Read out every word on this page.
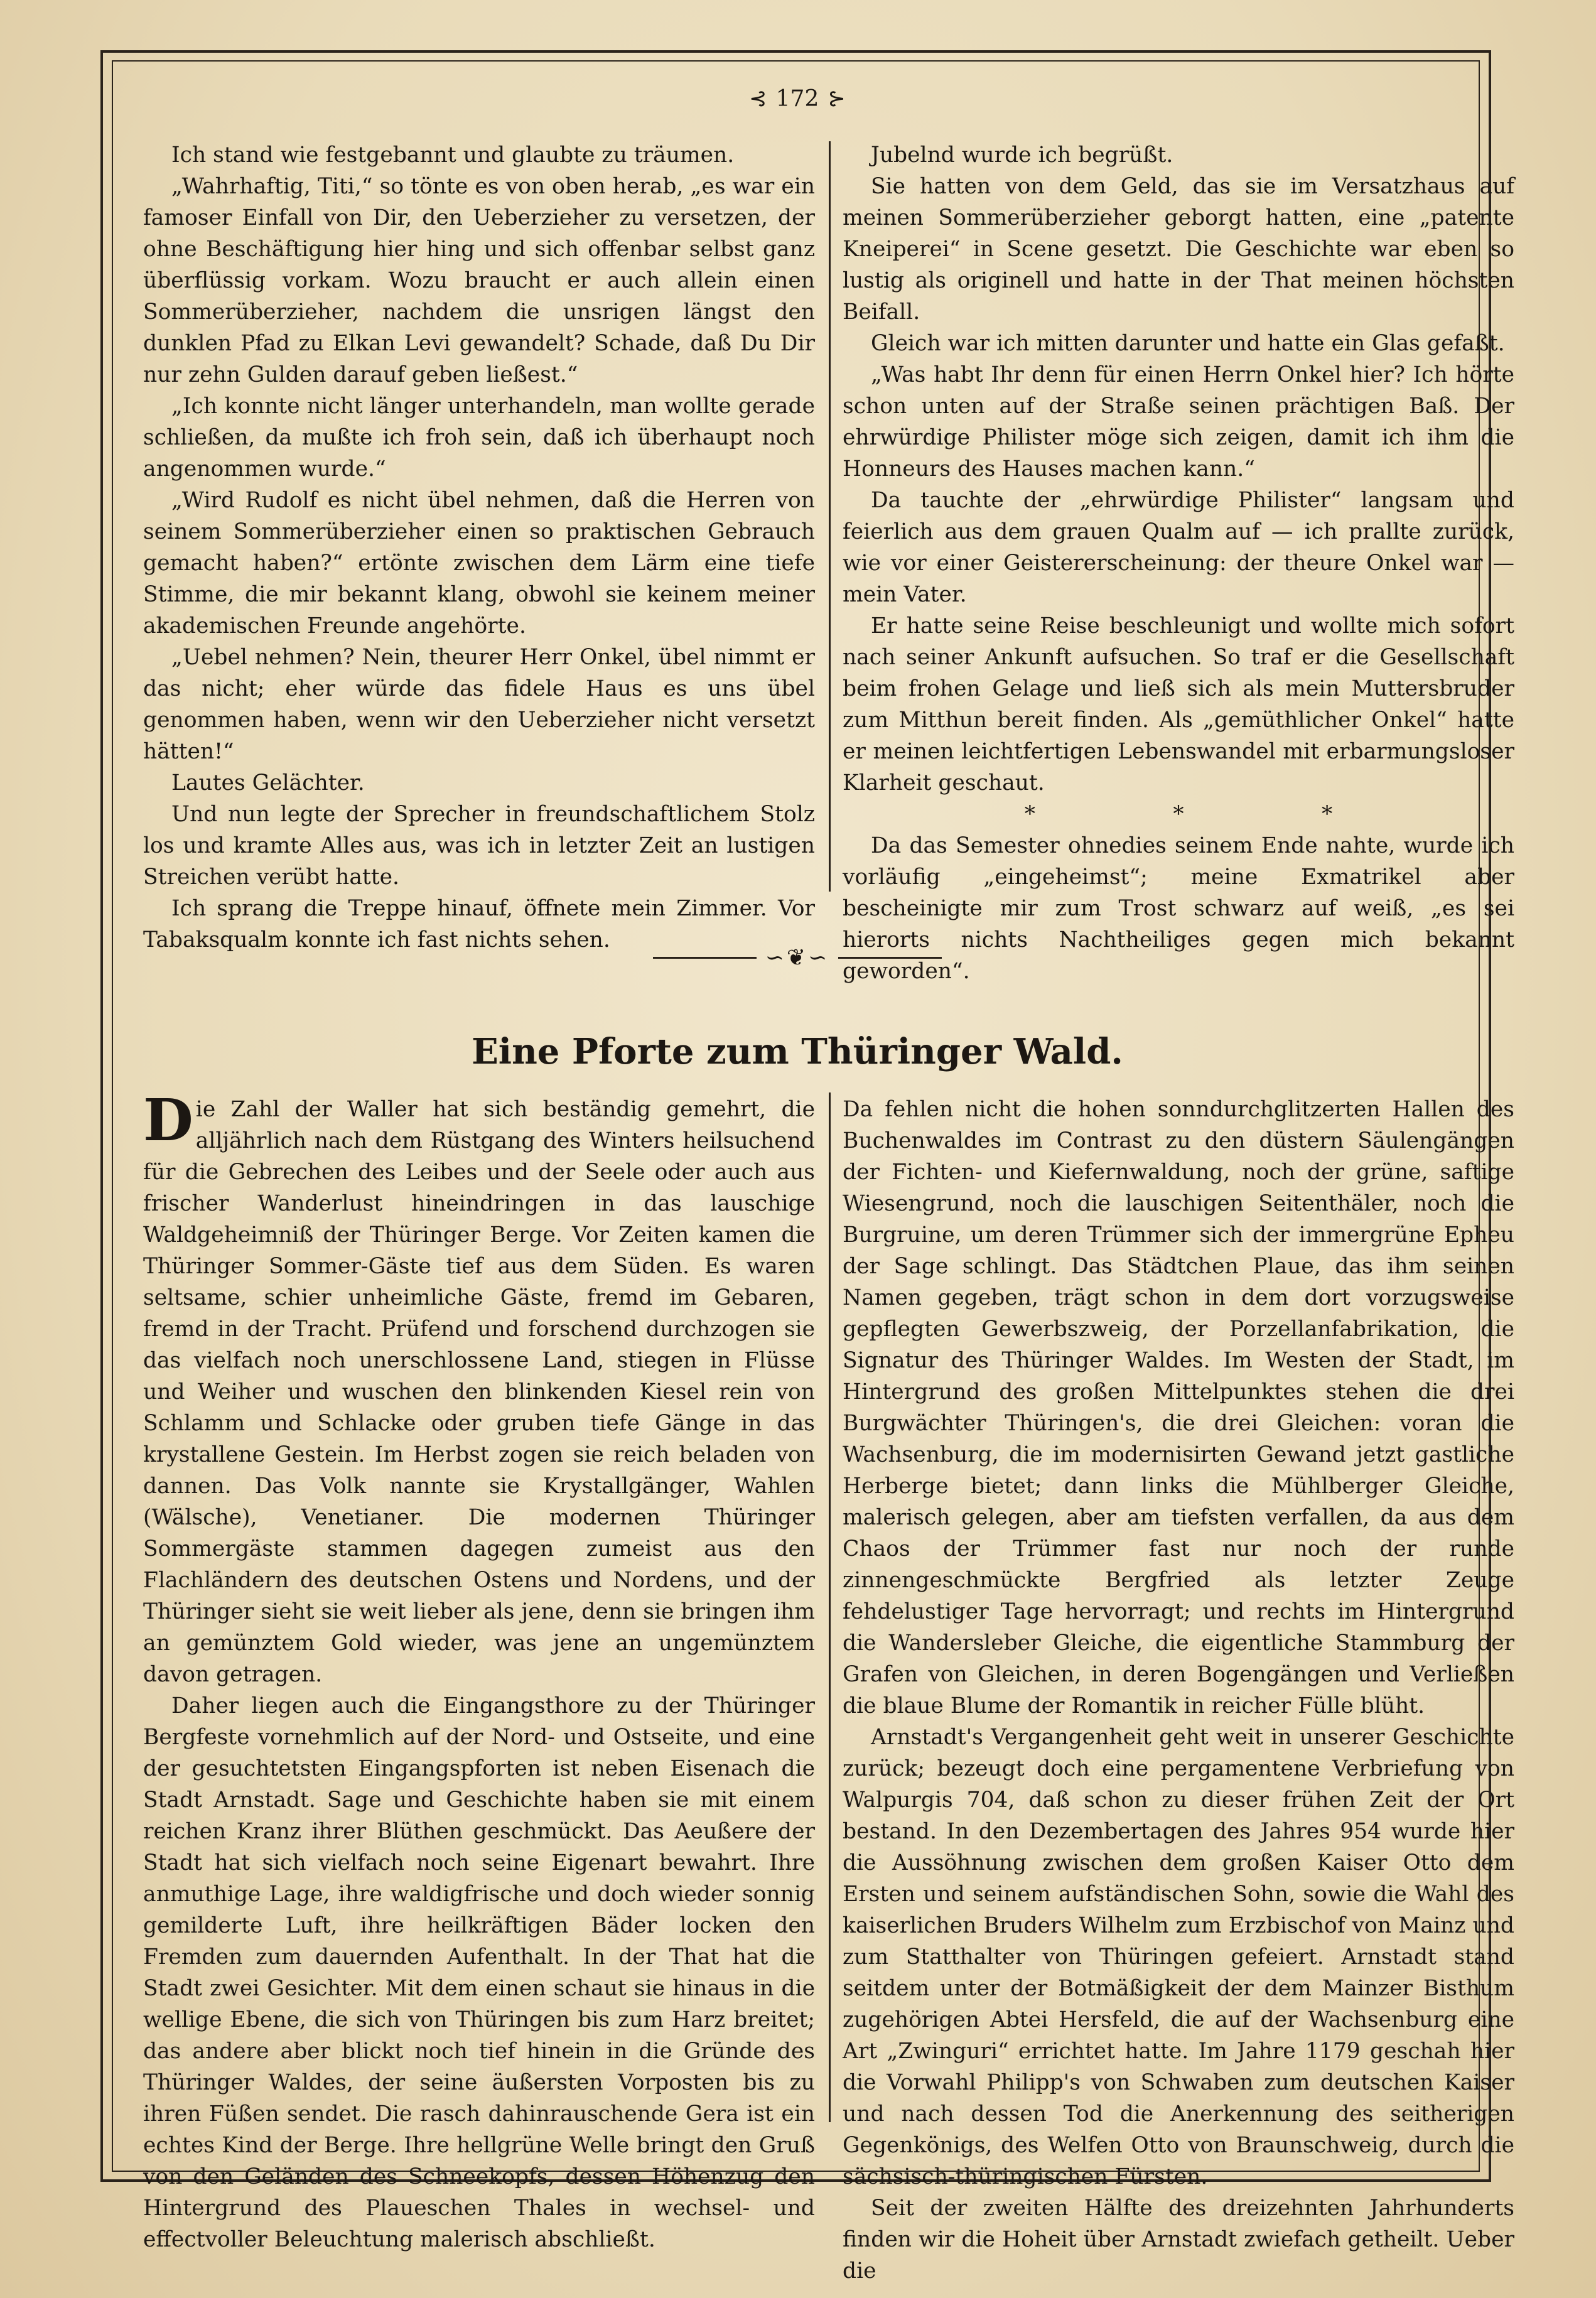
⊰ 172 ⊱

Ich stand wie festgebannt und glaubte zu träumen.

„Wahrhaftig, Titi,“ so tönte es von oben herab, „es war ein famoser Einfall von Dir, den Ueberzieher zu versetzen, der ohne Beschäftigung hier hing und sich offenbar selbst ganz überflüssig vorkam. Wozu braucht er auch allein einen Sommerüberzieher, nachdem die unsrigen längst den dunklen Pfad zu Elkan Levi gewandelt? Schade, daß Du Dir nur zehn Gulden darauf geben ließest.“

„Ich konnte nicht länger unterhandeln, man wollte gerade schließen, da mußte ich froh sein, daß ich überhaupt noch angenommen wurde.“

„Wird Rudolf es nicht übel nehmen, daß die Herren von seinem Sommerüberzieher einen so praktischen Gebrauch gemacht haben?“ ertönte zwischen dem Lärm eine tiefe Stimme, die mir bekannt klang, obwohl sie keinem meiner akademischen Freunde angehörte.

„Uebel nehmen? Nein, theurer Herr Onkel, übel nimmt er das nicht; eher würde das fidele Haus es uns übel genommen haben, wenn wir den Ueberzieher nicht versetzt hätten!“

Lautes Gelächter.

Und nun legte der Sprecher in freundschaftlichem Stolz los und kramte Alles aus, was ich in letzter Zeit an lustigen Streichen verübt hatte.

Ich sprang die Treppe hinauf, öffnete mein Zimmer. Vor Tabaksqualm konnte ich fast nichts sehen.

Jubelnd wurde ich begrüßt.

Sie hatten von dem Geld, das sie im Versatzhaus auf meinen Sommerüberzieher geborgt hatten, eine „patente Kneiperei“ in Scene gesetzt. Die Geschichte war eben so lustig als originell und hatte in der That meinen höchsten Beifall.

Gleich war ich mitten darunter und hatte ein Glas gefaßt.

„Was habt Ihr denn für einen Herrn Onkel hier? Ich hörte schon unten auf der Straße seinen prächtigen Baß. Der ehrwürdige Philister möge sich zeigen, damit ich ihm die Honneurs des Hauses machen kann.“

Da tauchte der „ehrwürdige Philister“ langsam und feierlich aus dem grauen Qualm auf — ich prallte zurück, wie vor einer Geistererscheinung: der theure Onkel war — mein Vater.

Er hatte seine Reise beschleunigt und wollte mich sofort nach seiner Ankunft aufsuchen. So traf er die Gesellschaft beim frohen Gelage und ließ sich als mein Muttersbruder zum Mitthun bereit finden. Als „gemüthlicher Onkel“ hatte er meinen leichtfertigen Lebenswandel mit erbarmungsloser Klarheit geschaut.

*	*	*

Da das Semester ohnedies seinem Ende nahte, wurde ich vorläufig „eingeheimst“; meine Exmatrikel aber bescheinigte mir zum Trost schwarz auf weiß, „es sei hierorts nichts Nachtheiliges gegen mich bekannt geworden“.

∽❦∽
Eine Pforte zum Thüringer Wald.

Die Zahl der Waller hat sich beständig gemehrt, die alljährlich nach dem Rüstgang des Winters heilsuchend für die Gebrechen des Leibes und der Seele oder auch aus frischer Wanderlust hineindringen in das lauschige Waldgeheimniß der Thüringer Berge. Vor Zeiten kamen die Thüringer Sommer-Gäste tief aus dem Süden. Es waren seltsame, schier unheimliche Gäste, fremd im Gebaren, fremd in der Tracht. Prüfend und forschend durchzogen sie das vielfach noch unerschlossene Land, stiegen in Flüsse und Weiher und wuschen den blinkenden Kiesel rein von Schlamm und Schlacke oder gruben tiefe Gänge in das krystallene Gestein. Im Herbst zogen sie reich beladen von dannen. Das Volk nannte sie Krystallgänger, Wahlen (Wälsche), Venetianer. Die modernen Thüringer Sommergäste stammen dagegen zumeist aus den Flachländern des deutschen Ostens und Nordens, und der Thüringer sieht sie weit lieber als jene, denn sie bringen ihm an gemünztem Gold wieder, was jene an ungemünztem davon getragen.

Daher liegen auch die Eingangsthore zu der Thüringer Bergfeste vornehmlich auf der Nord- und Ostseite, und eine der gesuchtetsten Eingangspforten ist neben Eisenach die Stadt Arnstadt. Sage und Geschichte haben sie mit einem reichen Kranz ihrer Blüthen geschmückt. Das Aeußere der Stadt hat sich vielfach noch seine Eigenart bewahrt. Ihre anmuthige Lage, ihre waldigfrische und doch wieder sonnig gemilderte Luft, ihre heilkräftigen Bäder locken den Fremden zum dauernden Aufenthalt. In der That hat die Stadt zwei Gesichter. Mit dem einen schaut sie hinaus in die wellige Ebene, die sich von Thüringen bis zum Harz breitet; das andere aber blickt noch tief hinein in die Gründe des Thüringer Waldes, der seine äußersten Vorposten bis zu ihren Füßen sendet. Die rasch dahinrauschende Gera ist ein echtes Kind der Berge. Ihre hellgrüne Welle bringt den Gruß von den Geländen des Schneekopfs, dessen Höhenzug den Hintergrund des Plaueschen Thales in wechsel- und effectvoller Beleuchtung malerisch abschließt.

Da fehlen nicht die hohen sonndurchglitzerten Hallen des Buchenwaldes im Contrast zu den düstern Säulengängen der Fichten- und Kiefernwaldung, noch der grüne, saftige Wiesengrund, noch die lauschigen Seitenthäler, noch die Burgruine, um deren Trümmer sich der immergrüne Epheu der Sage schlingt. Das Städtchen Plaue, das ihm seinen Namen gegeben, trägt schon in dem dort vorzugsweise gepflegten Gewerbszweig, der Porzellanfabrikation, die Signatur des Thüringer Waldes. Im Westen der Stadt, im Hintergrund des großen Mittelpunktes stehen die drei Burgwächter Thüringen's, die drei Gleichen: voran die Wachsenburg, die im modernisirten Gewand jetzt gastliche Herberge bietet; dann links die Mühlberger Gleiche, malerisch gelegen, aber am tiefsten verfallen, da aus dem Chaos der Trümmer fast nur noch der runde zinnengeschmückte Bergfried als letzter Zeuge fehdelustiger Tage hervorragt; und rechts im Hintergrund die Wandersleber Gleiche, die eigentliche Stammburg der Grafen von Gleichen, in deren Bogengängen und Verließen die blaue Blume der Romantik in reicher Fülle blüht.

Arnstadt's Vergangenheit geht weit in unserer Geschichte zurück; bezeugt doch eine pergamentene Verbriefung von Walpurgis 704, daß schon zu dieser frühen Zeit der Ort bestand. In den Dezembertagen des Jahres 954 wurde hier die Aussöhnung zwischen dem großen Kaiser Otto dem Ersten und seinem aufständischen Sohn, sowie die Wahl des kaiserlichen Bruders Wilhelm zum Erzbischof von Mainz und zum Statthalter von Thüringen gefeiert. Arnstadt stand seitdem unter der Botmäßigkeit der dem Mainzer Bisthum zugehörigen Abtei Hersfeld, die auf der Wachsenburg eine Art „Zwinguri“ errichtet hatte. Im Jahre 1179 geschah hier die Vorwahl Philipp's von Schwaben zum deutschen Kaiser und nach dessen Tod die Anerkennung des seitherigen Gegenkönigs, des Welfen Otto von Braunschweig, durch die sächsisch-thüringischen Fürsten.

Seit der zweiten Hälfte des dreizehnten Jahrhunderts finden wir die Hoheit über Arnstadt zwiefach getheilt. Ueber die
